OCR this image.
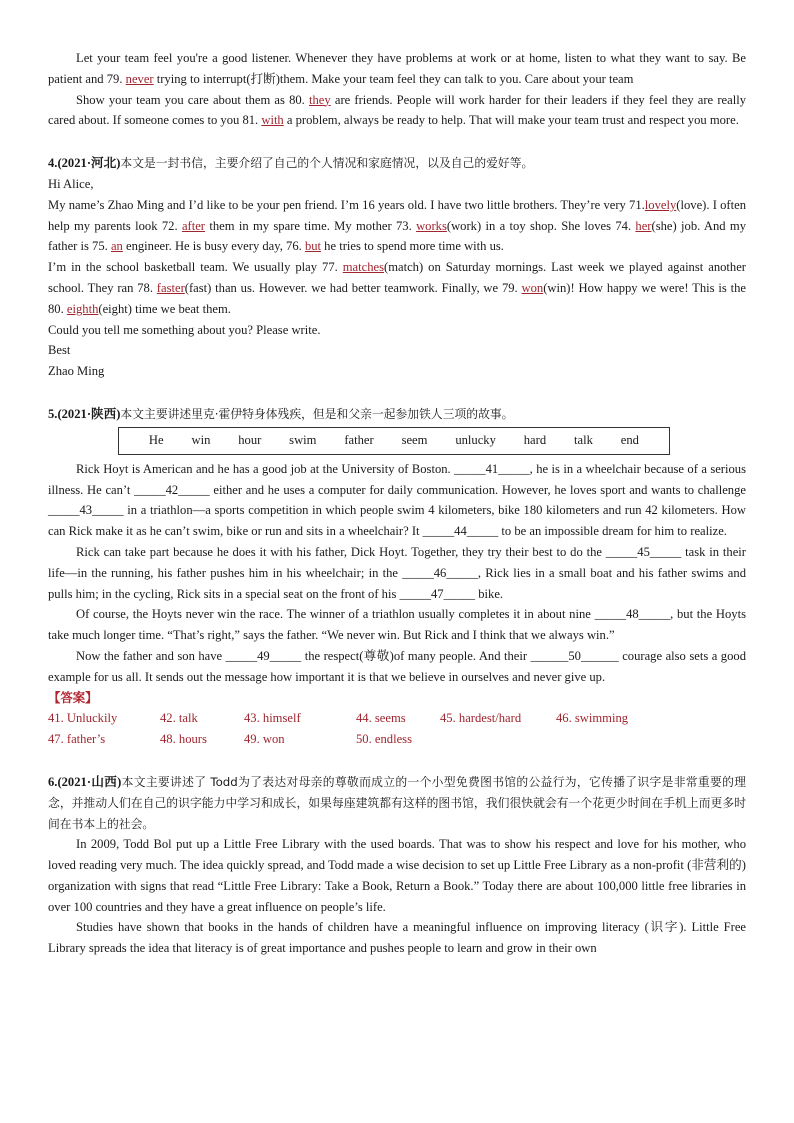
Let your team feel you're a good listener. Whenever they have problems at work or at home, listen to what they want to say. Be patient and 79. never trying to interrupt(打断)them. Make your team feel they can talk to you. Care about your team

Show your team you care about them as 80. they are friends. People will work harder for their leaders if they feel they are really cared about. If someone comes to you 81. with a problem, always be ready to help. That will make your team trust and respect you more.

4.(2021·河北)本文是一封书信，主要介绍了自己的个人情况和家庭情况，以及自己的爱好等。

Hi Alice,

My name’s Zhao Ming and I’d like to be your pen friend. I’m 16 years old. I have two little brothers. They’re very 71.lovely(love). I often help my parents look 72. after them in my spare time. My mother 73. works(work) in a toy shop. She loves 74. her(she) job. And my father is 75. an engineer. He is busy every day, 76. but he tries to spend more time with us.

I’m in the school basketball team. We usually play 77. matches(match) on Saturday mornings. Last week we played against another school. They ran 78. faster(fast) than us. However. we had better teamwork. Finally, we 79. won(win)! How happy we were! This is the 80. eighth(eight) time we beat them.

Could you tell me something about you? Please write.

Best

Zhao Ming

5.(2021·陕西)本文主要讲述里克·霍伊特身体残疾，但是和父亲一起参加铁人三项的故事。

He win hour swim father seem unlucky hard talk end

Rick Hoyt is American and he has a good job at the University of Boston. _____41_____, he is in a wheelchair because of a serious illness. He can’t _____42_____ either and he uses a computer for daily communication. However, he loves sport and wants to challenge _____43_____ in a triathlon—a sports competition in which people swim 4 kilometers, bike 180 kilometers and run 42 kilometers. How can Rick make it as he can’t swim, bike or run and sits in a wheelchair? It _____44_____ to be an impossible dream for him to realize.

Rick can take part because he does it with his father, Dick Hoyt. Together, they try their best to do the _____45_____ task in their life—in the running, his father pushes him in his wheelchair; in the _____46_____, Rick lies in a small boat and his father swims and pulls him; in the cycling, Rick sits in a special seat on the front of his _____47_____ bike.

Of course, the Hoyts never win the race. The winner of a triathlon usually completes it in about nine _____48_____, but the Hoyts take much longer time. “That’s right,” says the father. “We never win. But Rick and I think that we always win.”

Now the father and son have _____49_____ the respect(尊敬)of many people. And their ______50______ courage also sets a good example for us all. It sends out the message how important it is that we believe in ourselves and never give up.

【答案】

41. Unluckily	42. talk	43. himself	44. seems	45. hardest/hard	46. swimming
47. father’s	48. hours	49. won	50. endless

6.(2021·山西)本文主要讲述了 Todd为了表达对母亲的尊敬而成立的一个小型免费图书馆的公益行为，它传播了识字是非常重要的理念，并推动人们在自己的识字能力中学习和成长，如果每座建筑都有这样的图书馆，我们很快就会有一个花更少时间在手机上而更多时间在书本上的社会。

In 2009, Todd Bol put up a Little Free Library with the used boards. That was to show his respect and love for his mother, who loved reading very much. The idea quickly spread, and Todd made a wise decision to set up Little Free Library as a non-profit (非营利的) organization with signs that read “Little Free Library: Take a Book, Return a Book.” Today there are about 100,000 little free libraries in over 100 countries and they have a great influence on people’s life.

Studies have shown that books in the hands of children have a meaningful influence on improving literacy (识字). Little Free Library spreads the idea that literacy is of great importance and pushes people to learn and grow in their own
